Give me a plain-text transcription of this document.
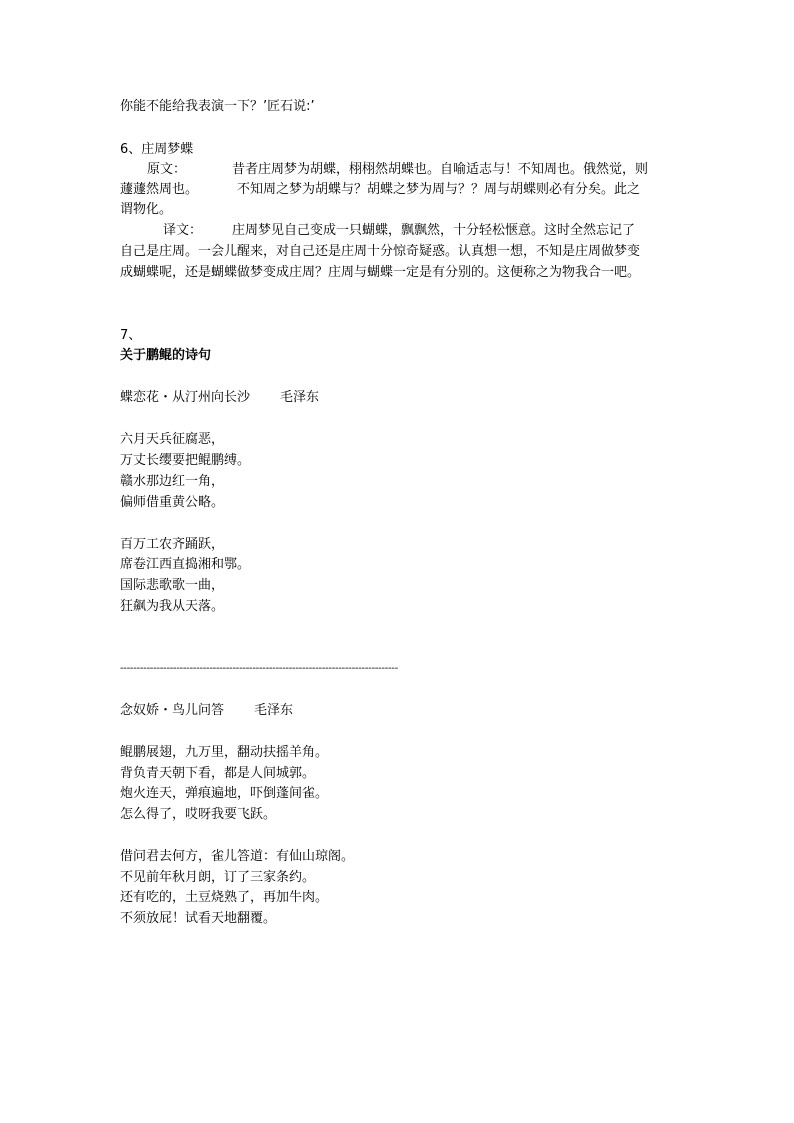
你能不能给我表演一下？’匠石说:’

6、庄周梦蝶

原文：	昔者庄周梦为胡蝶，栩栩然胡蝶也。自喻适志与！不知周也。俄然觉，则

蘧蘧然周也。	不知周之梦为胡蝶与？胡蝶之梦为周与？？周与胡蝶则必有分矣。此之

谓物化。

译文： 庄周梦见自己变成一只蝴蝶，飘飘然，十分轻松惬意。这时全然忘记了

自己是庄周。一会儿醒来，对自己还是庄周十分惊奇疑惑。认真想一想，不知是庄周做梦变

成蝴蝶呢，还是蝴蝶做梦变成庄周？庄周与蝴蝶一定是有分别的。这便称之为物我合一吧。

7、

关于鹏鲲的诗句

蝶恋花・从汀州向长沙 毛泽东

六月天兵征腐恶，

万丈长缨要把鲲鹏缚。

赣水那边红一角，

偏师借重黄公略。

百万工农齐踊跃，

席卷江西直捣湘和鄂。

国际悲歌歌一曲，

狂飙为我从天落。

------------------------------------------------------------------------------------

念奴娇・鸟儿问答 毛泽东

鲲鹏展翅，九万里，翻动扶摇羊角。

背负青天朝下看，都是人间城郭。

炮火连天，弹痕遍地，吓倒蓬间雀。

怎么得了，哎呀我要飞跃。

借问君去何方，雀儿答道：有仙山琼阁。

不见前年秋月朗，订了三家条约。

还有吃的，土豆烧熟了，再加牛肉。

不须放屁！试看天地翻覆。
